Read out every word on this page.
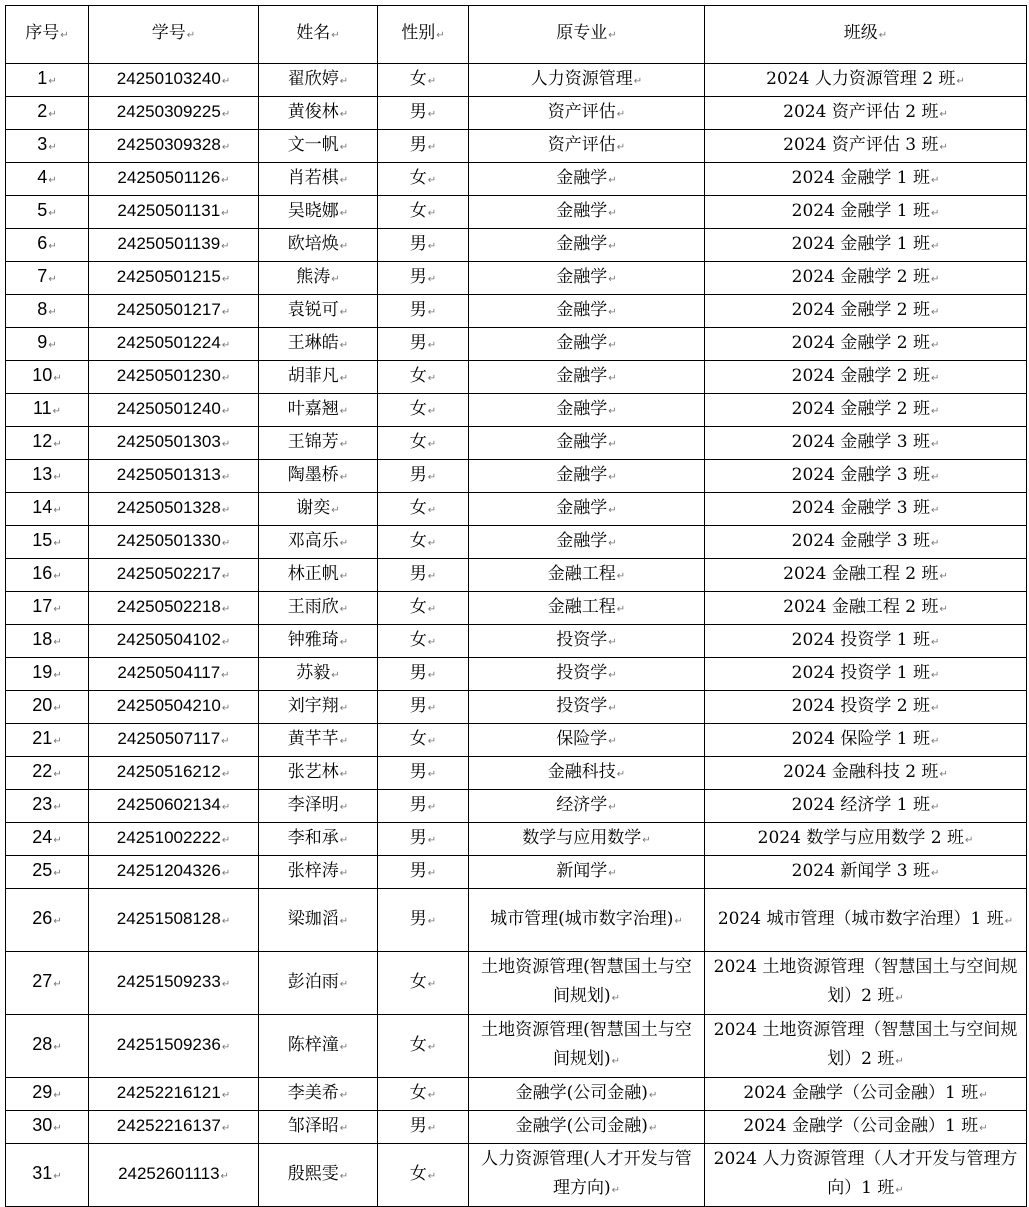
序号↵	学号↵	姓名↵	性别↵	原专业↵	班级↵
1↵	24250103240↵	翟欣婷↵	女↵	人力资源管理↵	2024 人力资源管理 2 班↵
2↵	24250309225↵	黄俊林↵	男↵	资产评估↵	2024 资产评估 2 班↵
3↵	24250309328↵	文一帆↵	男↵	资产评估↵	2024 资产评估 3 班↵
4↵	24250501126↵	肖若棋↵	女↵	金融学↵	2024 金融学 1 班↵
5↵	24250501131↵	吴晓娜↵	女↵	金融学↵	2024 金融学 1 班↵
6↵	24250501139↵	欧培焕↵	男↵	金融学↵	2024 金融学 1 班↵
7↵	24250501215↵	熊涛↵	男↵	金融学↵	2024 金融学 2 班↵
8↵	24250501217↵	袁锐可↵	男↵	金融学↵	2024 金融学 2 班↵
9↵	24250501224↵	王琳皓↵	男↵	金融学↵	2024 金融学 2 班↵
10↵	24250501230↵	胡菲凡↵	女↵	金融学↵	2024 金融学 2 班↵
11↵	24250501240↵	叶嘉翘↵	女↵	金融学↵	2024 金融学 2 班↵
12↵	24250501303↵	王锦芳↵	女↵	金融学↵	2024 金融学 3 班↵
13↵	24250501313↵	陶墨桥↵	男↵	金融学↵	2024 金融学 3 班↵
14↵	24250501328↵	谢奕↵	女↵	金融学↵	2024 金融学 3 班↵
15↵	24250501330↵	邓高乐↵	女↵	金融学↵	2024 金融学 3 班↵
16↵	24250502217↵	林正帆↵	男↵	金融工程↵	2024 金融工程 2 班↵
17↵	24250502218↵	王雨欣↵	女↵	金融工程↵	2024 金融工程 2 班↵
18↵	24250504102↵	钟雅琦↵	女↵	投资学↵	2024 投资学 1 班↵
19↵	24250504117↵	苏毅↵	男↵	投资学↵	2024 投资学 1 班↵
20↵	24250504210↵	刘宇翔↵	男↵	投资学↵	2024 投资学 2 班↵
21↵	24250507117↵	黄芊芊↵	女↵	保险学↵	2024 保险学 1 班↵
22↵	24250516212↵	张艺林↵	男↵	金融科技↵	2024 金融科技 2 班↵
23↵	24250602134↵	李泽明↵	男↵	经济学↵	2024 经济学 1 班↵
24↵	24251002222↵	李和承↵	男↵	数学与应用数学↵	2024 数学与应用数学 2 班↵
25↵	24251204326↵	张梓涛↵	男↵	新闻学↵	2024 新闻学 3 班↵
26↵	24251508128↵	梁珈滔↵	男↵	城市管理(城市数字治理)↵	2024 城市管理（城市数字治理）1 班↵
27↵	24251509233↵	彭泊雨↵	女↵	土地资源管理(智慧国土与空间规划)↵	2024 土地资源管理（智慧国土与空间规划）2 班↵
28↵	24251509236↵	陈梓潼↵	女↵	土地资源管理(智慧国土与空间规划)↵	2024 土地资源管理（智慧国土与空间规划）2 班↵
29↵	24252216121↵	李美希↵	女↵	金融学(公司金融)↵	2024 金融学（公司金融）1 班↵
30↵	24252216137↵	邹泽昭↵	男↵	金融学(公司金融)↵	2024 金融学（公司金融）1 班↵
31↵	24252601113↵	殷熙雯↵	女↵	人力资源管理(人才开发与管理方向)↵	2024 人力资源管理（人才开发与管理方向）1 班↵
